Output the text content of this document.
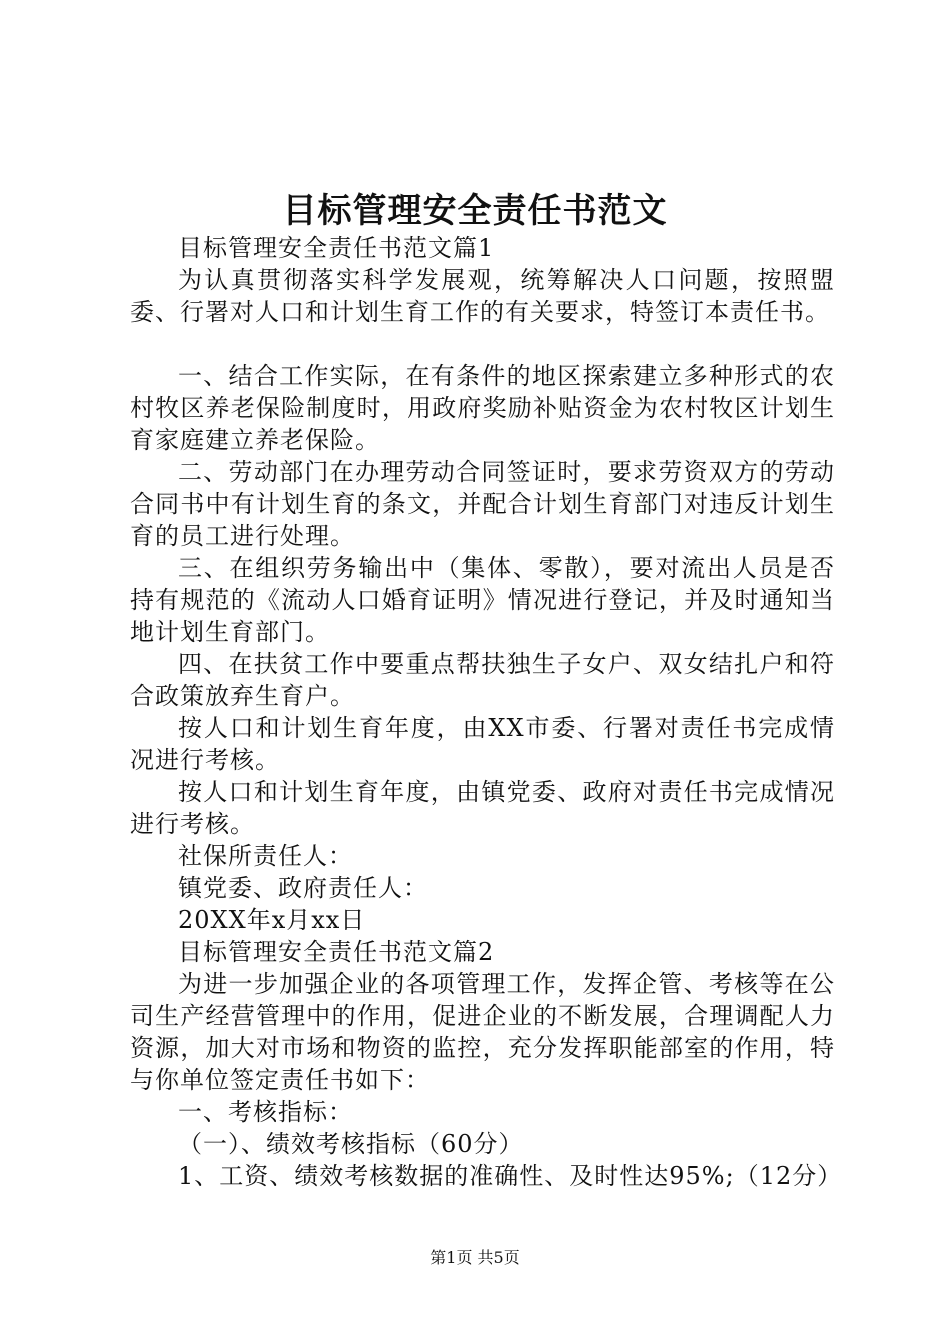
目标管理安全责任书范文

目标管理安全责任书范文篇1

为认真贯彻落实科学发展观，统筹解决人口问题，按照盟委、行署对人口和计划生育工作的有关要求，特签订本责任书。

一、结合工作实际，在有条件的地区探索建立多种形式的农村牧区养老保险制度时，用政府奖励补贴资金为农村牧区计划生育家庭建立养老保险。

二、劳动部门在办理劳动合同签证时，要求劳资双方的劳动合同书中有计划生育的条文，并配合计划生育部门对违反计划生育的员工进行处理。

三、在组织劳务输出中（集体、零散），要对流出人员是否持有规范的《流动人口婚育证明》情况进行登记，并及时通知当地计划生育部门。

四、在扶贫工作中要重点帮扶独生子女户、双女结扎户和符合政策放弃生育户。

按人口和计划生育年度，由XX市委、行署对责任书完成情况进行考核。

按人口和计划生育年度，由镇党委、政府对责任书完成情况进行考核。

社保所责任人：

镇党委、政府责任人：

20XX年x月xx日

目标管理安全责任书范文篇2

为进一步加强企业的各项管理工作，发挥企管、考核等在公司生产经营管理中的作用，促进企业的不断发展，合理调配人力资源，加大对市场和物资的监控，充分发挥职能部室的作用，特与你单位签定责任书如下：

一、考核指标：

（一）、绩效考核指标（60分）

1、工资、绩效考核数据的准确性、及时性达95%;（12分）

第1页 共5页
